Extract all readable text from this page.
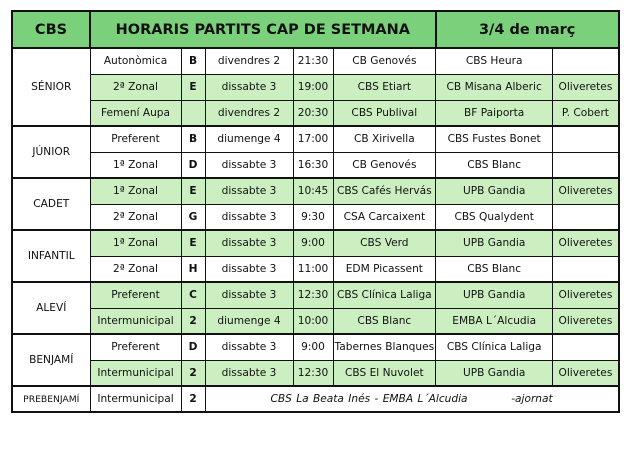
CBS	HORARIS PARTITS CAP DE SETMANA					3/4 de març	
SÉNIOR	Autonòmica	B	divendres 2	21:30	CB Genovés	CBS Heura	
	2ª Zonal	E	dissabte 3	19:00	CBS Etiart	CB Misana Alberic	Oliveretes
	Femení Aupa		divendres 2	20:30	CBS Publival	BF Paiporta	P. Cobert
JÚNIOR	Preferent	B	diumenge 4	17:00	CB Xirivella	CBS Fustes Bonet	
	1ª Zonal	D	dissabte 3	16:30	CB Genovés	CBS Blanc	
CADET	1ª Zonal	E	dissabte 3	10:45	CBS Cafés Hervás	UPB Gandia	Oliveretes
	2ª Zonal	G	dissabte 3	9:30	CSA Carcaixent	CBS Qualydent	
INFANTIL	1ª Zonal	E	dissabte 3	9:00	CBS Verd	UPB Gandia	Oliveretes
	2ª Zonal	H	dissabte 3	11:00	EDM Picassent	CBS Blanc	
ALEVÍ	Preferent	C	dissabte 3	12:30	CBS Clínica Laliga	UPB Gandia	Oliveretes
	Intermunicipal	2	diumenge 4	10:00	CBS Blanc	EMBA L´Alcudia	Oliveretes
BENJAMÍ	Preferent	D	dissabte 3	9:00	Tabernes Blanques	CBS Clínica Laliga	
	Intermunicipal	2	dissabte 3	12:30	CBS El Nuvolet	UPB Gandia	Oliveretes
PREBENJAMÍ	Intermunicipal	2	CBS La Beata Inés - EMBA L´Alcudia          -ajornat				
